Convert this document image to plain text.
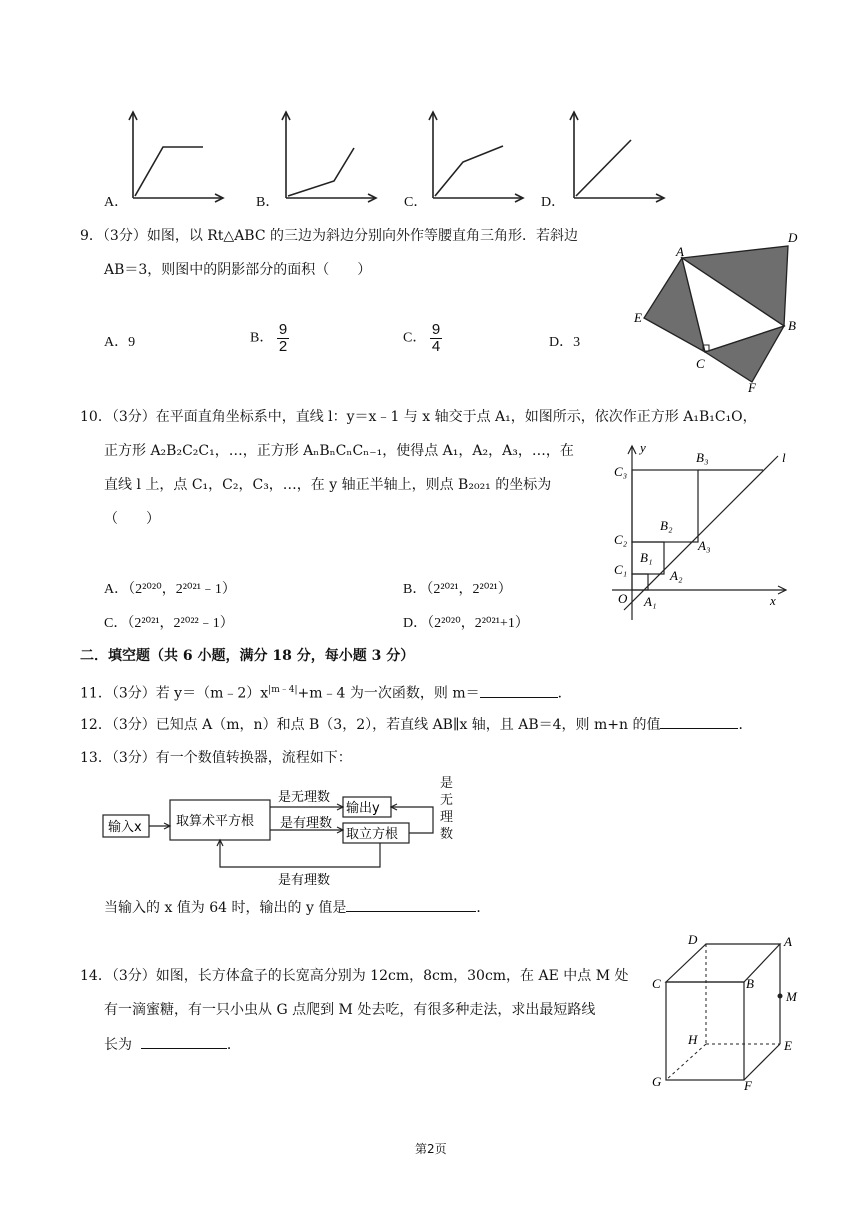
A．	B．	C．	D．
9．（3分）如图，以 Rt△ABC 的三边为斜边分别向外作等腰直角三角形．若斜边
AB＝3，则图中的阴影部分的面积（　　）
A．9	B． $\frac{9}{2}$	C． $\frac{9}{4}$	D．3
A
D
E
B
C
F
10．（3分）在平面直角坐标系中，直线 l：y＝x﹣1 与 x 轴交于点 A₁，如图所示，依次作正方形 A₁B₁C₁O，
正方形 A₂B₂C₂C₁，…，正方形 AₙBₙCₙCₙ₋₁，使得点 A₁，A₂，A₃，…，在
直线 l 上，点 C₁，C₂，C₃，…，在 y 轴正半轴上，则点 B₂₀₂₁ 的坐标为
（　　）
A．（2²⁰²⁰，2²⁰²¹﹣1）	B．（2²⁰²¹，2²⁰²¹）
C．（2²⁰²¹，2²⁰²²﹣1）	D．（2²⁰²⁰，2²⁰²¹+1）
y
x
l
O
C₁
C₂
C₃
B₁
B₂
B₃
A₁
A₂
A₃
二．填空题（共 6 小题，满分 18 分，每小题 3 分）
11．（3分）若 $y=(m﹣2)x^{|m﹣4|}+m﹣4$ 为一次函数，则 m＝	．
12．（3分）已知点 A（m，n）和点 B（3，2），若直线 AB∥x 轴，且 AB＝4，则 m+n 的值	．
13．（3分）有一个数值转换器，流程如下：
输入x	取算术平方根
是无理数
输出y
是有理数
取立方根
是有理数
是无理数
当输入的 x 值为 64 时，输出的 y 值是	．
14．（3分）如图，长方体盒子的长宽高分别为 12cm，8cm，30cm，在 AE 中点 M 处
有一滴蜜糖，有一只小虫从 G 点爬到 M 处去吃，有很多种走法，求出最短路线
长为	．
D	A
C	B
M
H	E
G	F
第2页
